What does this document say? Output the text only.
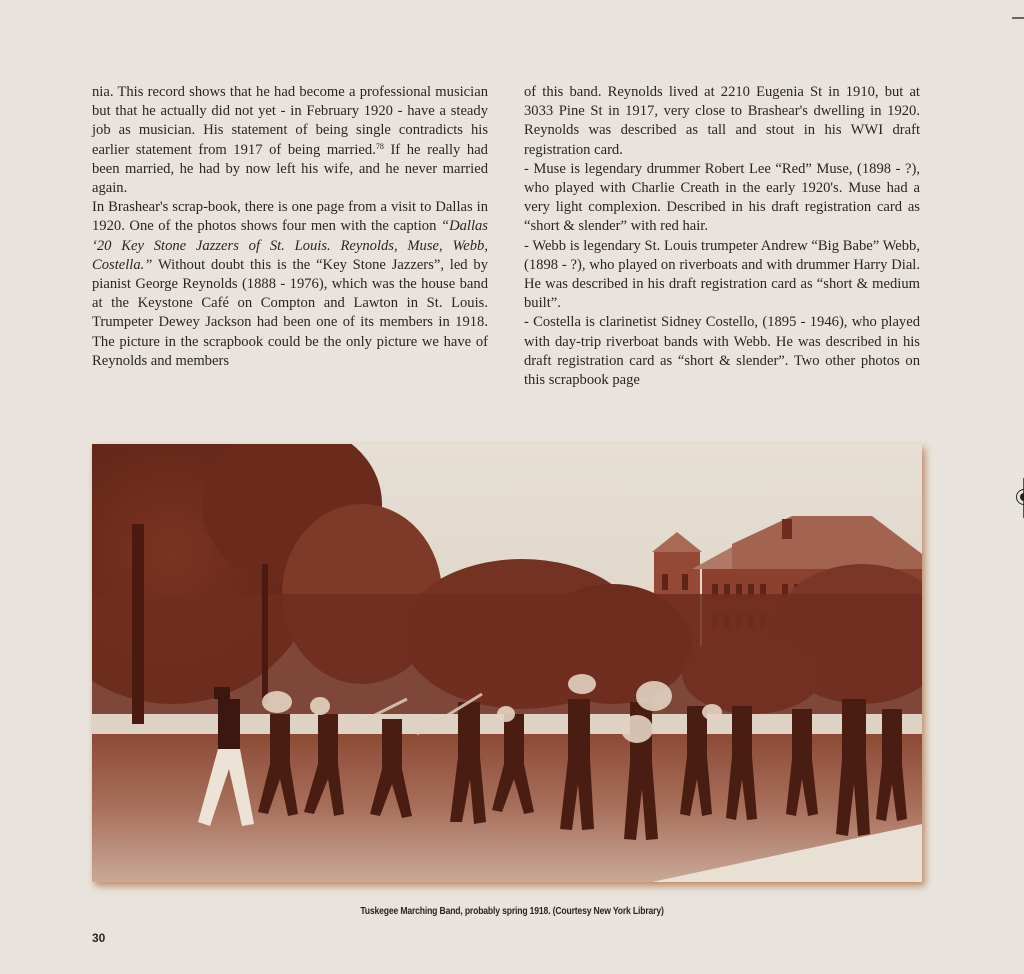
nia. This record shows that he had become a professional musician but that he actually did not yet - in February 1920 - have a steady job as musician. His statement of being single contradicts his earlier statement from 1917 of being married.$^{78}$ If he really had been married, he had by now left his wife, and he never married again.

In Brashear's scrap-book, there is one page from a visit to Dallas in 1920. One of the photos shows four men with the caption “Dallas ‘20 Key Stone Jazzers of St. Louis. Reynolds, Muse, Webb, Costella.” Without doubt this is the “Key Stone Jazzers”, led by pianist George Reynolds (1888 - 1976), which was the house band at the Keystone Café on Compton and Lawton in St. Louis. Trumpeter Dewey Jackson had been one of its members in 1918. The picture in the scrapbook could be the only picture we have of Reynolds and members

of this band. Reynolds lived at 2210 Eugenia St in 1910, but at 3033 Pine St in 1917, very close to Brashear's dwelling in 1920. Reynolds was described as tall and stout in his WWI draft registration card.

- Muse is legendary drummer Robert Lee “Red” Muse, (1898 - ?), who played with Charlie Creath in the early 1920's. Muse had a very light complexion. Described in his draft registration card as “short & slender” with red hair.

- Webb is legendary St. Louis trumpeter Andrew “Big Babe” Webb, (1898 - ?), who played on riverboats and with drummer Harry Dial. He was described in his draft registration card as “short & medium built”.

- Costella is clarinetist Sidney Costello, (1895 - 1946), who played with day-trip riverboat bands with Webb. He was described in his draft registration card as “short & slender”. Two other photos on this scrapbook page

Tuskegee Marching Band, probably spring 1918. (Courtesy New York Library)
30
